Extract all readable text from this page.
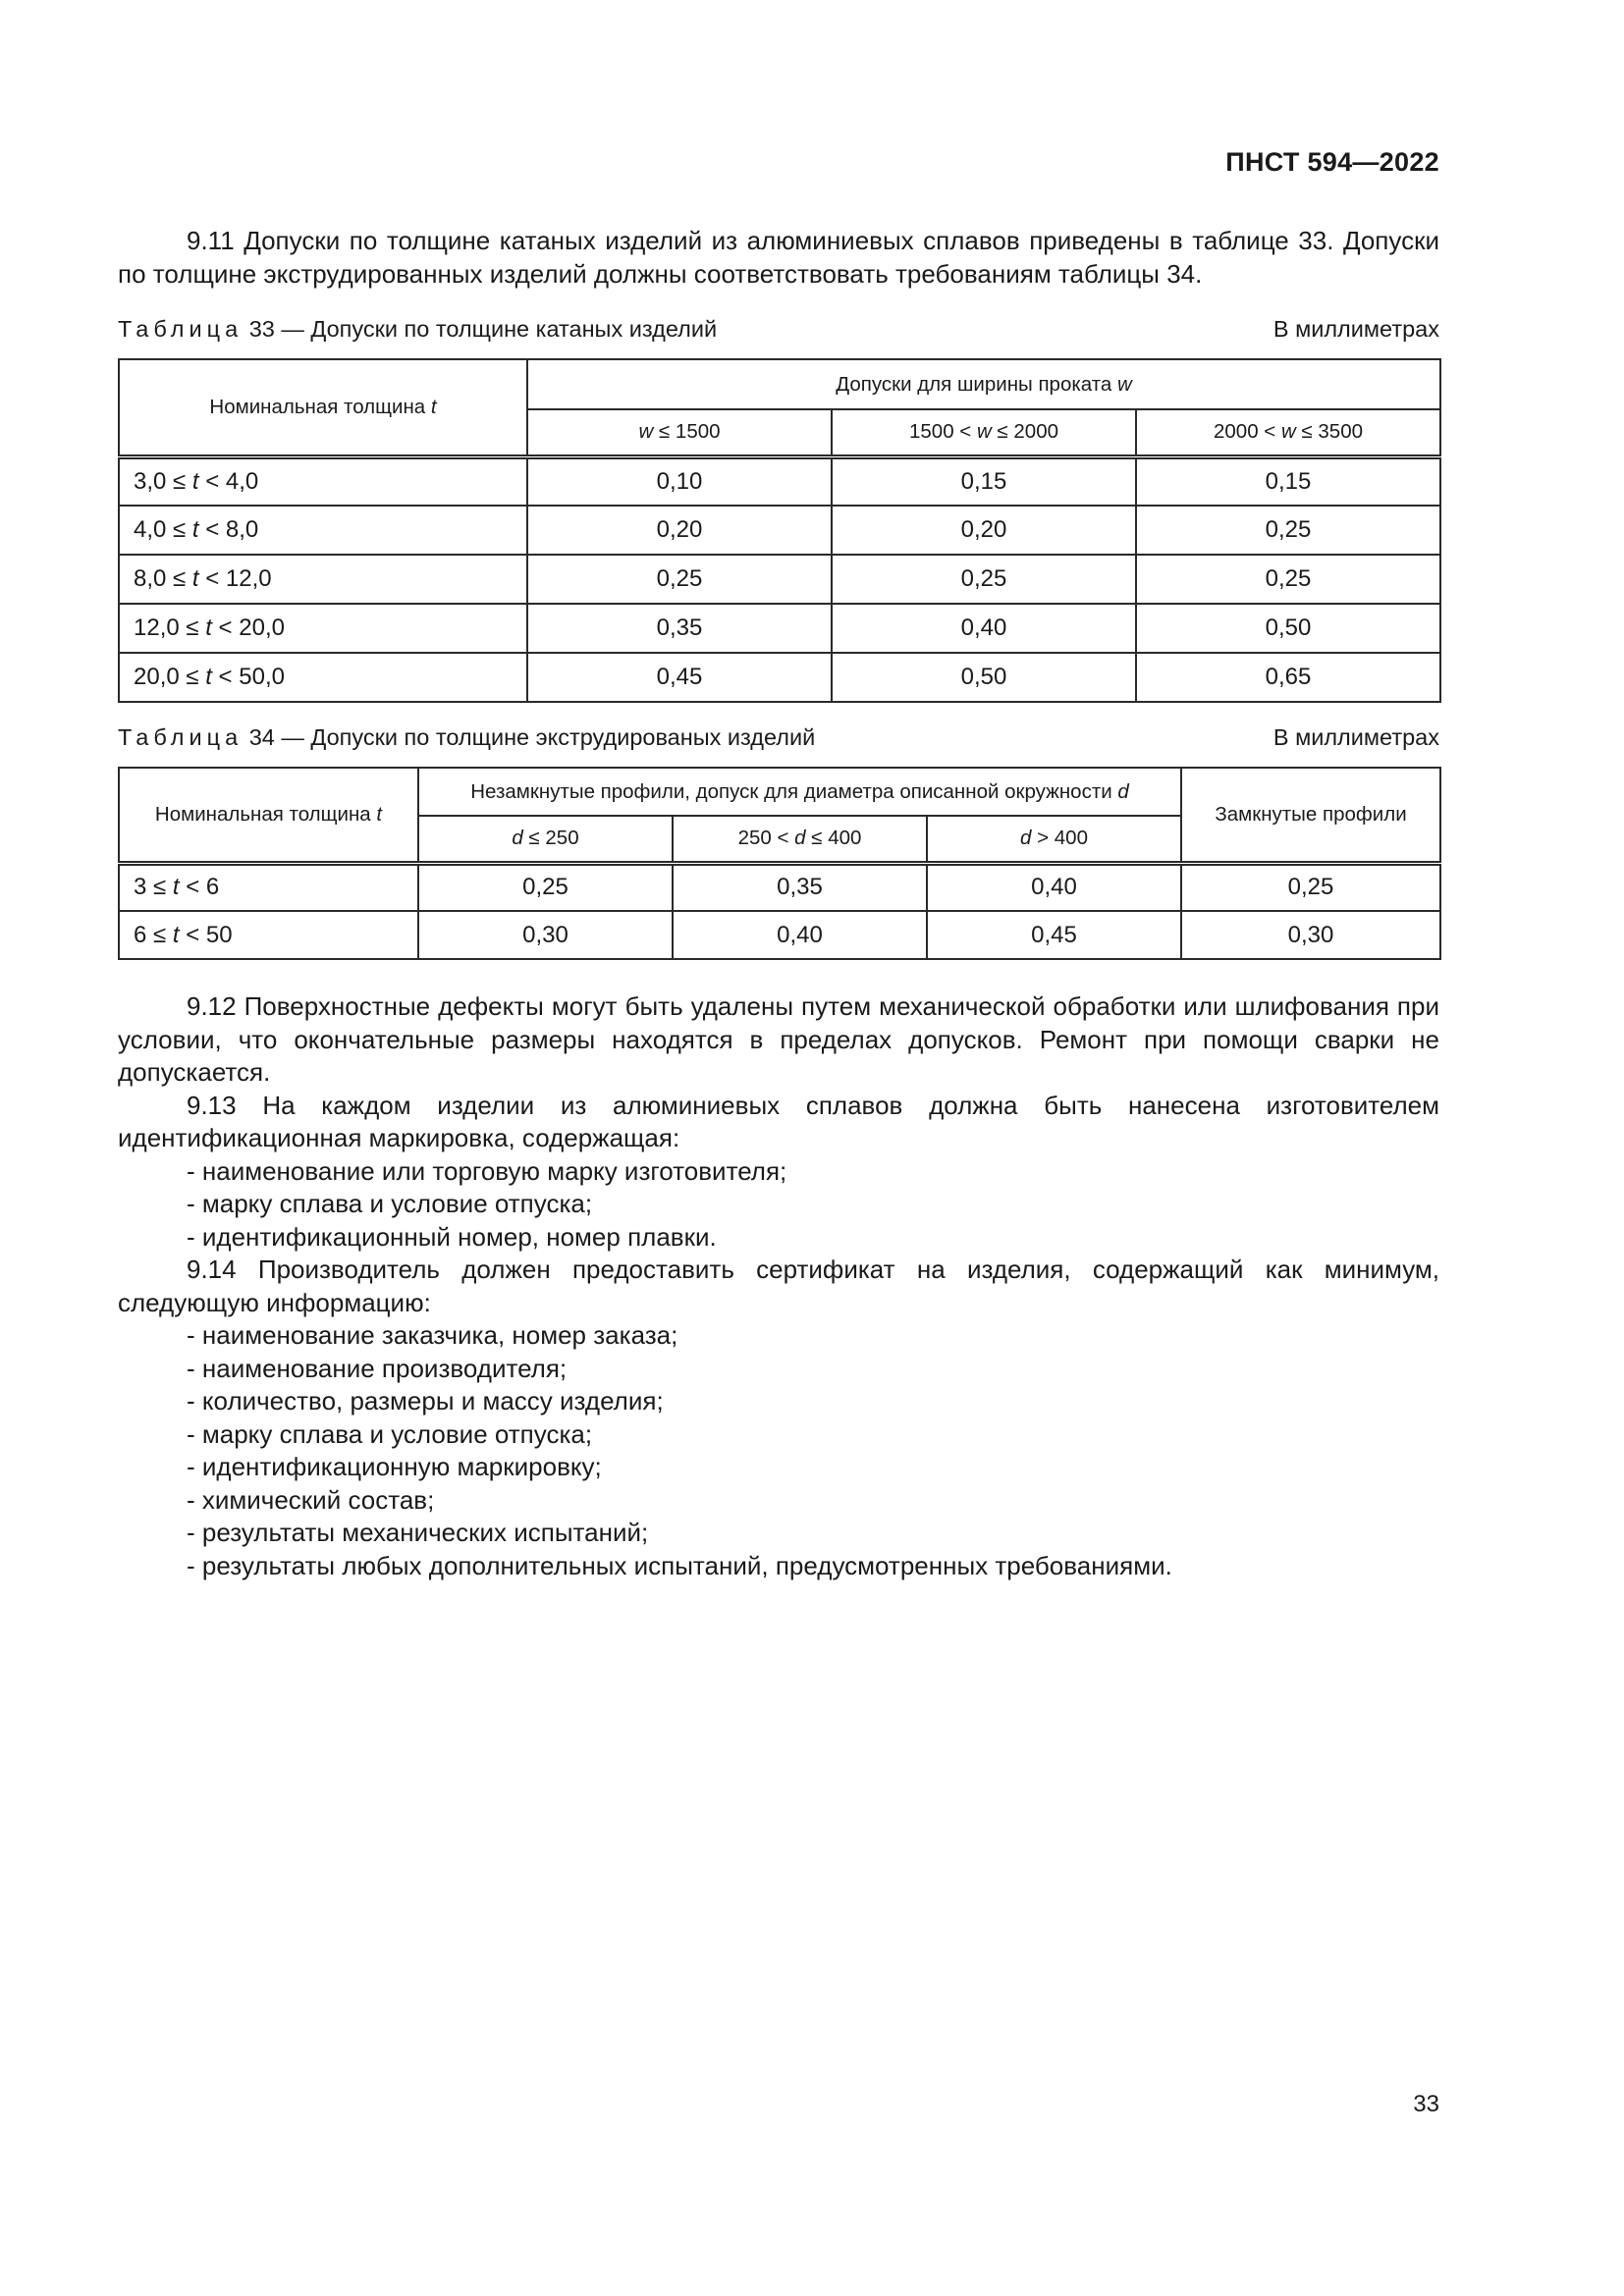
ПНСТ 594—2022

9.11 Допуски по толщине катаных изделий из алюминиевых сплавов приведены в таблице 33. Допуски по толщине экструдированных изделий должны соответствовать требованиям таблицы 34.

Таблица 33 — Допуски по толщине катаных изделий	В миллиметрах
Номинальная толщина t	Допуски для ширины проката w		
	w ≤ 1500	1500 < w ≤ 2000	2000 < w ≤ 3500
3,0 ≤ t < 4,0	0,10	0,15	0,15
4,0 ≤ t < 8,0	0,20	0,20	0,25
8,0 ≤ t < 12,0	0,25	0,25	0,25
12,0 ≤ t < 20,0	0,35	0,40	0,50
20,0 ≤ t < 50,0	0,45	0,50	0,65
Таблица 34 — Допуски по толщине экструдированых изделий	В миллиметрах
Номинальная толщина t	Незамкнутые профили, допуск для диаметра описанной окружности d			Замкнутые профили
	d ≤ 250	250 < d ≤ 400	d > 400	
3 ≤ t < 6	0,25	0,35	0,40	0,25
6 ≤ t < 50	0,30	0,40	0,45	0,30

9.12 Поверхностные дефекты могут быть удалены путем механической обработки или шлифования при условии, что окончательные размеры находятся в пределах допусков. Ремонт при помощи сварки не допускается.

9.13 На каждом изделии из алюминиевых сплавов должна быть нанесена изготовителем идентификационная маркировка, содержащая:

- наименование или торговую марку изготовителя;

- марку сплава и условие отпуска;

- идентификационный номер, номер плавки.

9.14 Производитель должен предоставить сертификат на изделия, содержащий как минимум, следующую информацию:

- наименование заказчика, номер заказа;

- наименование производителя;

- количество, размеры и массу изделия;

- марку сплава и условие отпуска;

- идентификационную маркировку;

- химический состав;

- результаты механических испытаний;

- результаты любых дополнительных испытаний, предусмотренных требованиями.

33
